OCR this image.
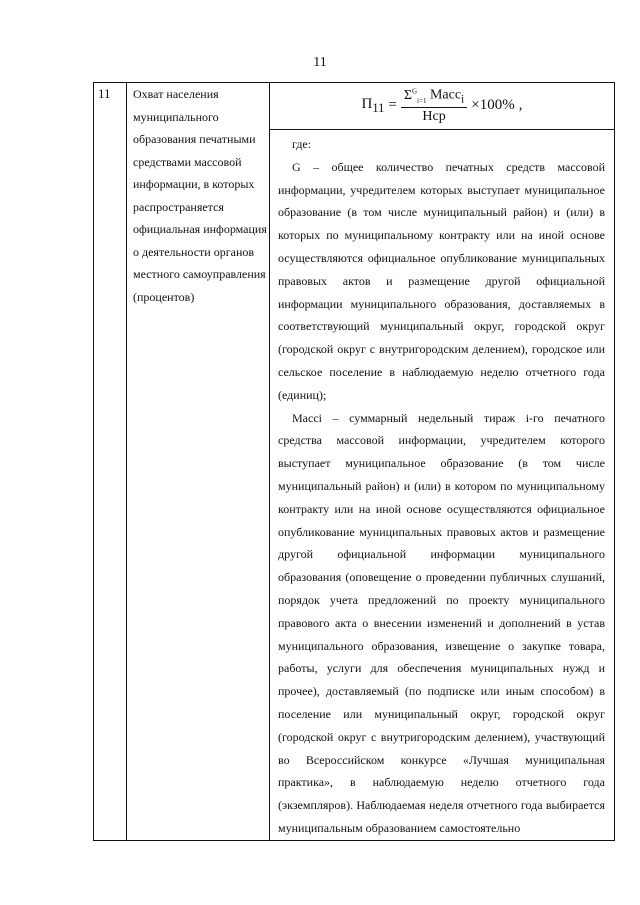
11
11	Охват населения муниципального образования печатными средствами массовой информации, в которых распространяется официальная информация о деятельности органов местного самоуправления (процентов)	
$П_{11} = \frac{\Sigma^G_{i=1} Масс_i}{\text{Нср}} \times 100\%$ ,

где:

G – общее количество печатных средств массовой информации, учредителем которых выступает муниципальное образование (в том числе муниципальный район) и (или) в которых по муниципальному контракту или на иной основе осуществляются официальное опубликование муниципальных правовых актов и размещение другой официальной информации муниципального образования, доставляемых в соответствующий муниципальный округ, городской округ (городской округ с внутригородским делением), городское или сельское поселение в наблюдаемую неделю отчетного года (единиц);

Массi – суммарный недельный тираж i-го печатного средства массовой информации, учредителем которого выступает муниципальное образование (в том числе муниципальный район) и (или) в котором по муниципальному контракту или на иной основе осуществляются официальное опубликование муниципальных правовых актов и размещение другой официальной информации муниципального образования (оповещение о проведении публичных слушаний, порядок учета предложений по проекту муниципального правового акта о внесении изменений и дополнений в устав муниципального образования, извещение о закупке товара, работы, услуги для обеспечения муниципальных нужд и прочее), доставляемый (по подписке или иным способом) в поселение или муниципальный округ, городской округ (городской округ с внутригородским делением), участвующий во Всероссийском конкурсе «Лучшая муниципальная практика», в наблюдаемую неделю отчетного года (экземпляров). Наблюдаемая неделя отчетного года выбирается муниципальным образованием самостоятельно
